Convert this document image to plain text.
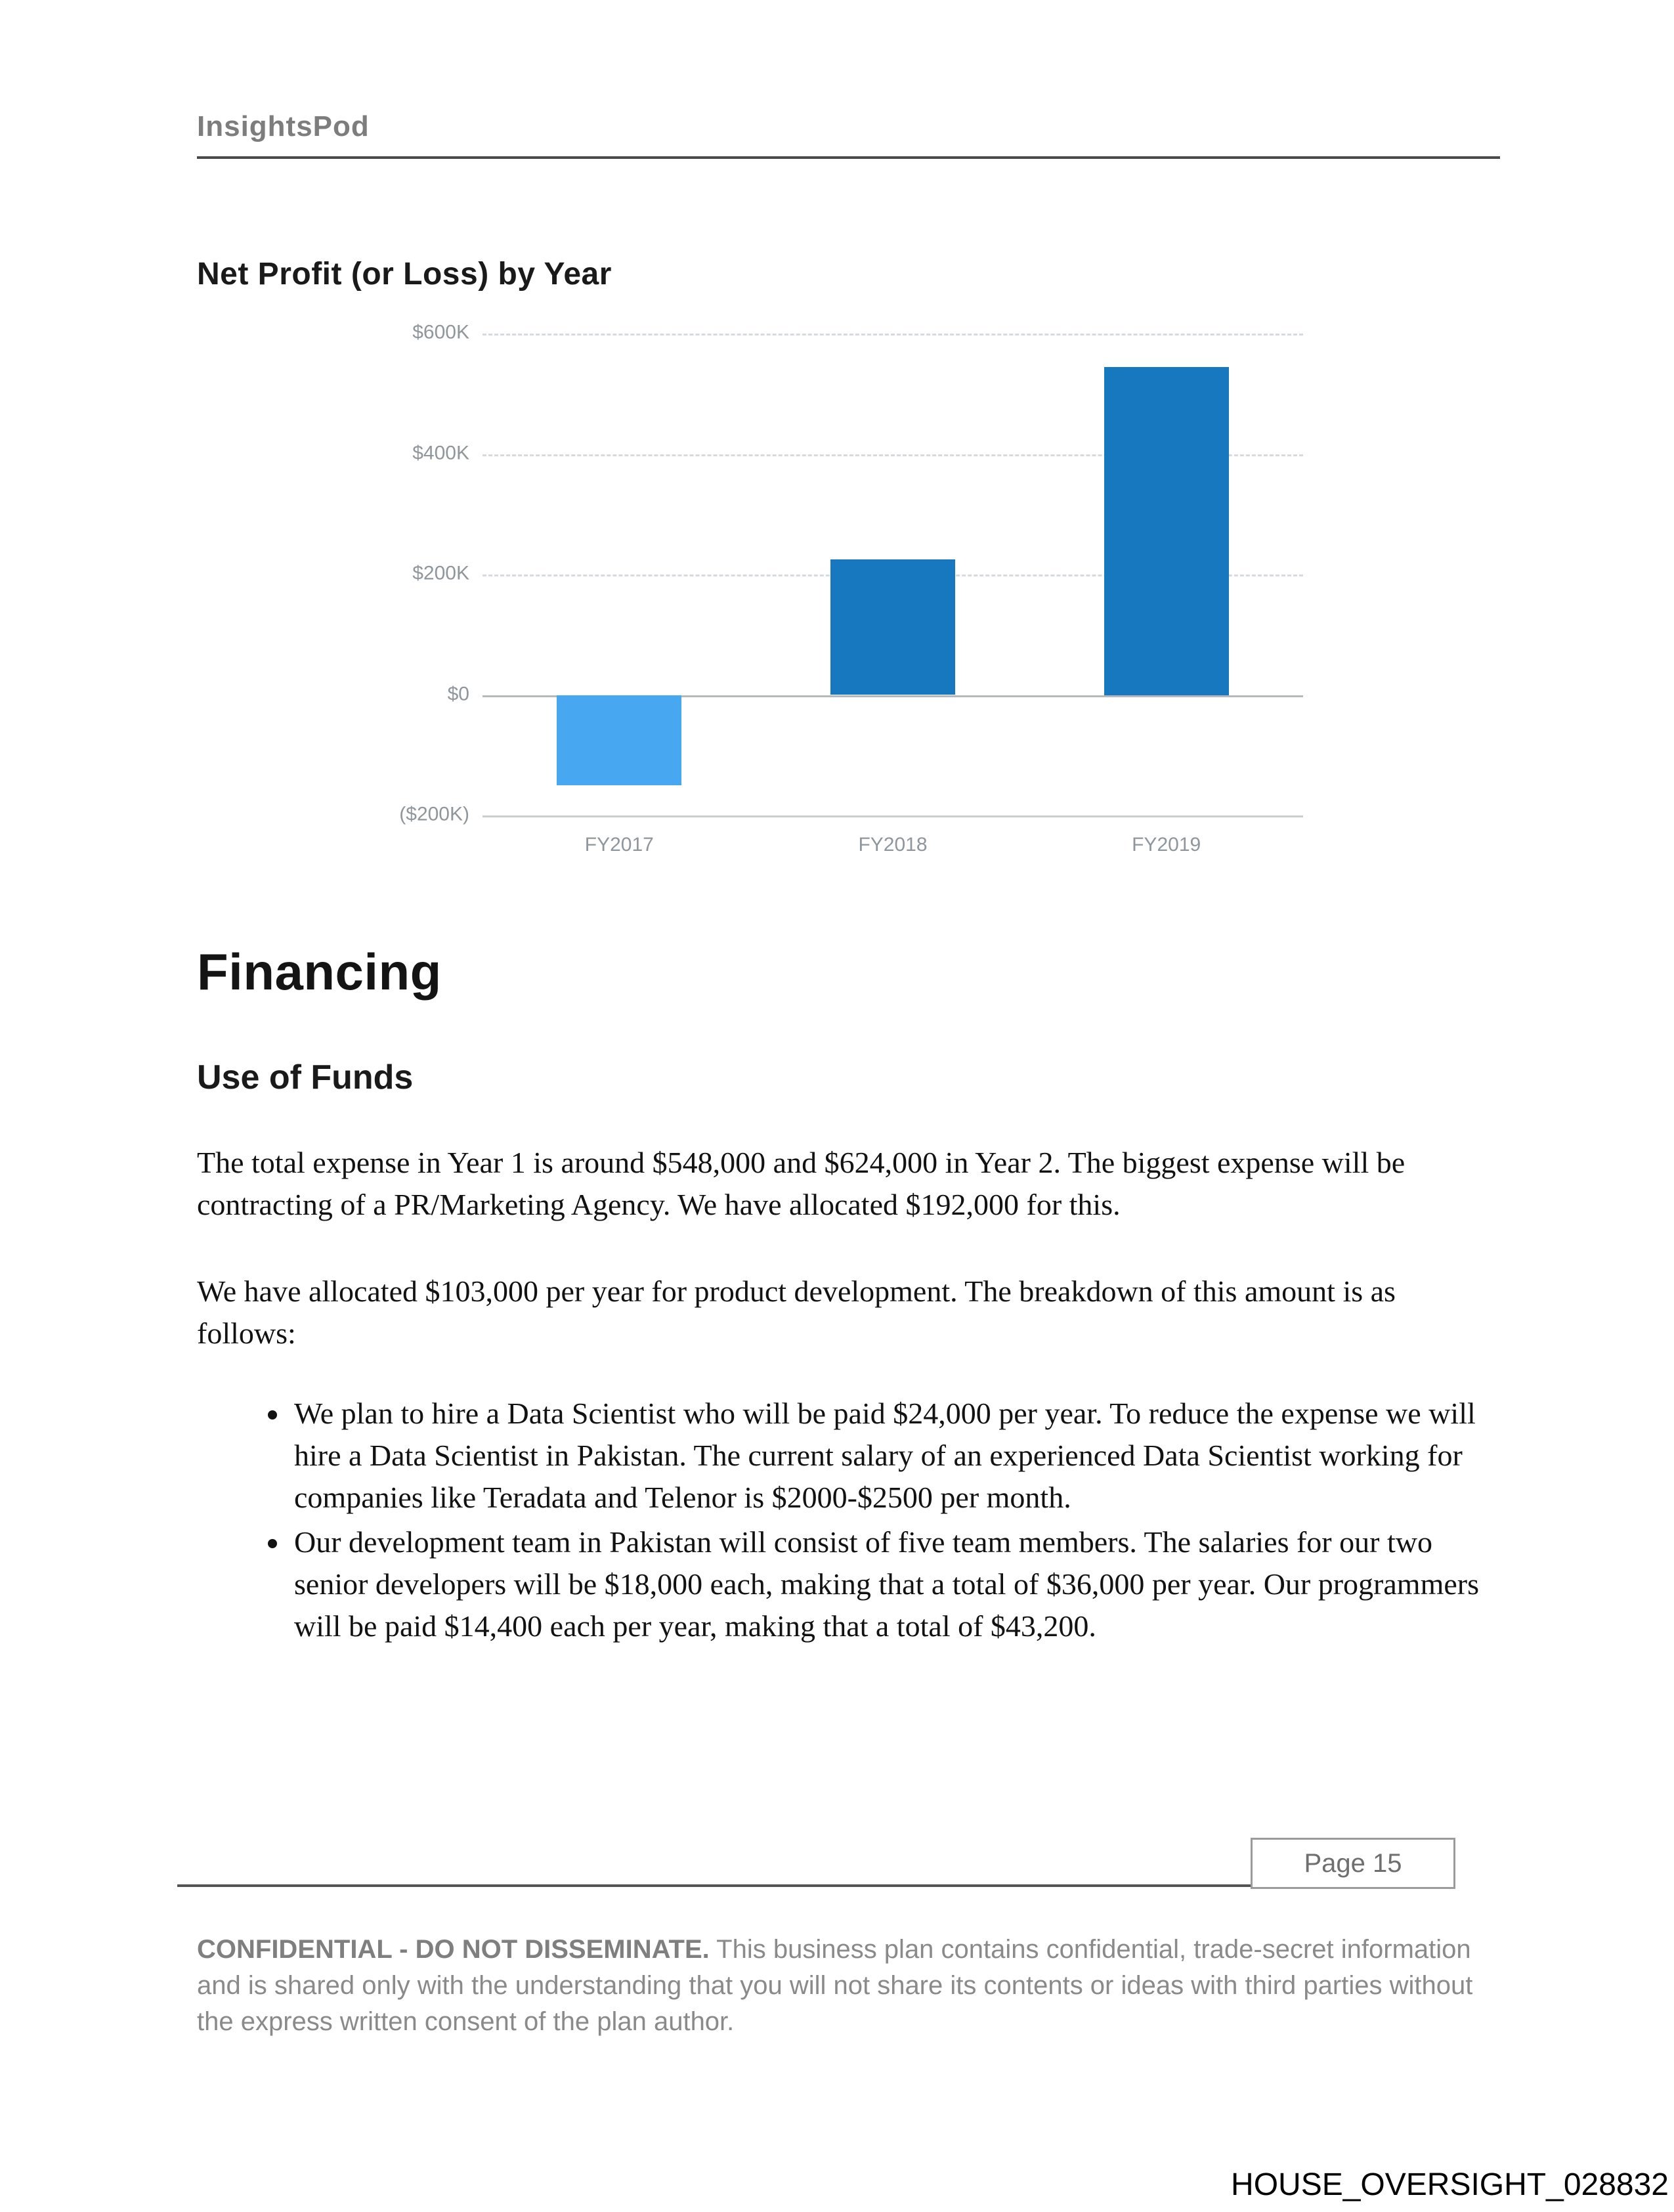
InsightsPod
Net Profit (or Loss) by Year
$600K
$400K
$200K
$0
($200K)
FY2017	FY2018	FY2019
Financing
Use of Funds

The total expense in Year 1 is around $548,000 and $624,000 in Year 2. The biggest expense will be contracting of a PR/Marketing Agency. We have allocated $192,000 for this.

We have allocated $103,000 per year for product development. The breakdown of this amount is as follows:

• We plan to hire a Data Scientist who will be paid $24,000 per year. To reduce the expense we will hire a Data Scientist in Pakistan. The current salary of an experienced Data Scientist working for companies like Teradata and Telenor is $2000-$2500 per month.
• Our development team in Pakistan will consist of five team members. The salaries for our two senior developers will be $18,000 each, making that a total of $36,000 per year. Our programmers will be paid $14,400 each per year, making that a total of $43,200.
Page 15
CONFIDENTIAL - DO NOT DISSEMINATE. This business plan contains confidential, trade-secret information and is shared only with the understanding that you will not share its contents or ideas with third parties without the express written consent of the plan author.
HOUSE_OVERSIGHT_028832
